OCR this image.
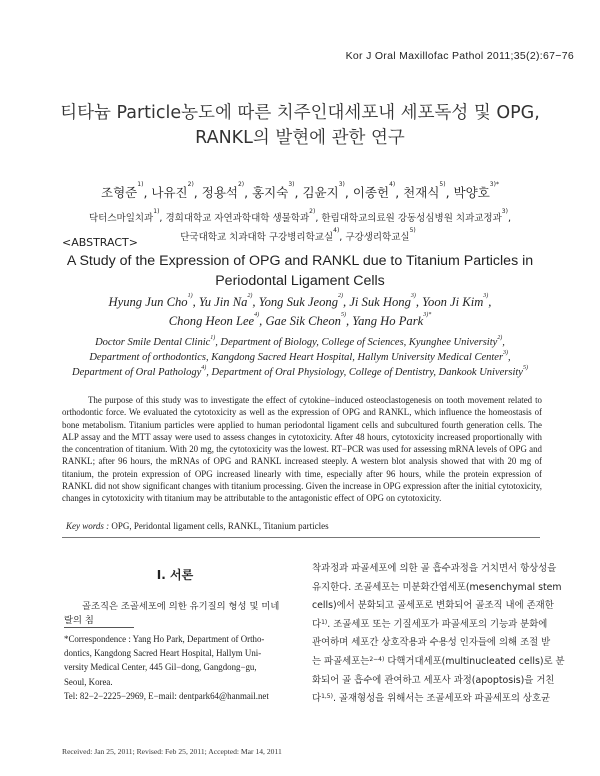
Kor J Oral Maxillofac Pathol 2011;35(2):67−76
티타늄 Particle농도에 따른 치주인대세포내 세포독성 및 OPG,
RANKL의 발현에 관한 연구
조형준$^{1)}$, 나유진$^{2)}$, 정용석$^{2)}$, 홍지숙$^{3)}$, 김윤지$^{3)}$, 이종헌$^{4)}$, 천재식$^{5)}$, 박양호$^{3)*}$
닥터스마일치과$^{1)}$, 경희대학교 자연과학대학 생물학과$^{2)}$, 한림대학교의료원 강동성심병원 치과교정과$^{3)}$,
단국대학교 치과대학 구강병리학교실$^{4)}$, 구강생리학교실$^{5)}$
<ABSTRACT>
A Study of the Expression of OPG and RANKL due to Titanium Particles in
Periodontal Ligament Cells
Hyung Jun Cho$^{1)}$, Yu Jin Na$^{2)}$, Yong Suk Jeong$^{2)}$, Ji Suk Hong$^{3)}$, Yoon Ji Kim$^{3)}$,
Chong Heon Lee$^{4)}$, Gae Sik Cheon$^{5)}$, Yang Ho Park$^{3)*}$
Doctor Smile Dental Clinic$^{1)}$, Department of Biology, College of Sciences, Kyunghee University$^{2)}$,
Department of orthodontics, Kangdong Sacred Heart Hospital, Hallym University Medical Center$^{3)}$,
Department of Oral Pathology$^{4)}$, Department of Oral Physiology, College of Dentistry, Dankook University$^{5)}$

The purpose of this study was to investigate the effect of cytokine−induced osteoclastogenesis on tooth movement related to orthodontic force. We evaluated the cytotoxicity as well as the expression of OPG and RANKL, which influence the homeostasis of bone metabolism. Titanium particles were applied to human periodontal ligament cells and subcultured fourth generation cells. The ALP assay and the MTT assay were used to assess changes in cytotoxicity. After 48 hours, cytotoxicity increased proportionally with the concentration of titanium. With 20 mg, the cytotoxicity was the lowest. RT−PCR was used for assessing mRNA levels of OPG and RANKL; after 96 hours, the mRNAs of OPG and RANKL increased steeply. A western blot analysis showed that with 20 mg of titanium, the protein expression of OPG increased linearly with time, especially after 96 hours, while the protein expression of RANKL did not show significant changes with titanium processing. Given the increase in OPG expression after the initial cytotoxicity, changes in cytotoxicity with titanium may be attributable to the antagonistic effect of OPG on cytotoxicity.

Key words : OPG, Peridontal ligament cells, RANKL, Titanium particles
I. 서론
골조직은 조골세포에 의한 유기질의 형성 및 미네랄의 침
*Correspondence : Yang Ho Park, Department of Ortho-
dontics, Kangdong Sacred Heart Hospital, Hallym Uni-
versity Medical Center, 445 Gil−dong, Gangdong−gu,
Seoul, Korea.
Tel: 82−2−2225−2969, E−mail: dentpark64@hanmail.net
Received: Jan 25, 2011; Revised: Feb 25, 2011; Accepted: Mar 14, 2011
착과정과 파골세포에 의한 골 흡수과정을 거치면서 항상성을
유지한다. 조골세포는 미분화간엽세포(mesenchymal stem
cells)에서 분화되고 골세포로 변화되어 골조직 내에 존재한
다$^{1)}$. 조골세포 또는 기질세포가 파골세포의 기능과 분화에
관여하며 세포간 상호작용과 수용성 인자들에 의해 조절 받
는 파골세포는$^{2-4)}$ 다핵거대세포(multinucleated cells)로 분
화되어 골 흡수에 관여하고 세포사 과정(apoptosis)을 거친
다$^{1,5)}$. 골재형성을 위해서는 조골세포와 파골세포의 상호균
